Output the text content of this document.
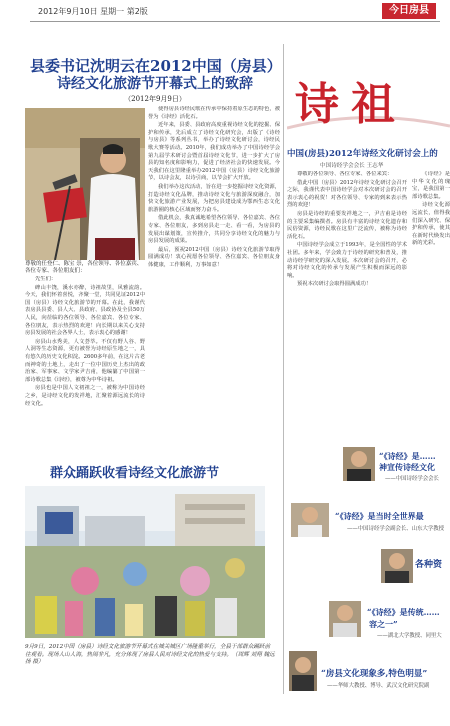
2012年9月10日 星期一 第2版	今日房县
县委书记沈明云在2012中国（房县）
诗经文化旅游节开幕式上的致辞
（2012年9月9日）
尊敬的任登仁、陈宝 崇，各位领导、各位嘉宾、各位专家、各位朋友们：

先生们：

碑山丰饶，溪水亦醉，诗祖故里，风雅流韵。今天，我们怀着喜悦，齐聚一堂，共同见证2012中国（房县）诗经文化旅游节的开幕。在此，我谨代表房县县委、县人大、县政府、县政协及全县50万人民，向莅临的各位领导、各位嘉宾、各位专家、各位朋友，表示热烈的欢迎！向长期以来关心支持房县发展的社会各界人士，表示衷心的感谢！

房县山水秀美，人文荟萃。不仅有野人谷、野人洞等生态资源，更有被誉为诗经原生地之一，具有悠久的历史文化积淀。2600多年前，在这片古老而神奇的土地上，走出了一位中国历史上杰出的政治家、军事家、文学家尹吉甫，他编纂了中国第一部诗歌总集《诗经》，被尊为中华诗祖。

房县也是中国人文初祖之一，被称为中国诗经之乡，是诗经文化的发祥地，汇聚着源远流长的诗经文化。

使得房县诗经民歌在传承中保持着原生态的特色，被誉为《诗经》活化石。

近年来，县委、县政府高度重视诗经文化的挖掘、保护和传承，先后成立了诗经文化研究会，出版了《诗经与房县》等系列丛书，举办了诗经文化研讨会，诗经民歌大赛等活动。2010年，我们成功举办了中国诗经学会第九届学术研讨会暨首届诗经文化节，进一步扩大了房县的知名度和影响力，促进了经济社会的快速发展。今天我们在这里隆重举办2012中国（房县）诗经文化旅游节，以诗会友，以诗引商，以节会扩大开放。

我们举办这次活动，旨在进一步挖掘诗经文化资源，打造诗经文化品牌，推动诗经文化与旅游深度融合，加快文化旅游产业发展，为把房县建设成为鄂西生态文化旅游圈的核心区域而努力奋斗。

借此机会，我真诚地希望各位领导、各位嘉宾、各位专家、各位朋友，多到房县走一走、看一看，为房县的发展出谋划策，宣传推介，共同分享诗经文化的魅力与房县发展的成果。

最后，预祝2012中国（房县）诗经文化旅游节取得圆满成功！衷心祝愿各位领导、各位嘉宾、各位朋友身体健康，工作顺利，万事如意！

群众踊跃收看诗经文化旅游节
9月9日，2012中国（房县）诗经文化旅游节开幕式在城关城区广场隆重举行，全县干部群众踊跃前往观看。现场人山人海，热闹非凡，充分体现了房县人民对诗经文化的热爱与支持。（周辉 刘翔 魏远扬 摄）
诗祖
中国(房县)2012年诗经文化研讨会上的
中国诗经学会会长 王志华

尊敬的各位领导、各位专家、各位来宾：

借此中国（房县）2012年诗经文化研讨会召开之际，我谨代表中国诗经学会对本次研讨会的召开表示衷心的祝贺！对各位领导、专家的到来表示热烈的欢迎！

房县是诗经的重要发祥地之一，尹吉甫是诗经的主要采集编撰者。房县有丰富的诗经文化遗存和民俗资源，诗经民歌在这里广泛流传，被称为诗经活化石。

中国诗经学会成立于1993年，是全国性的学术社团。多年来，学会致力于诗经的研究和普及，推动诗经学研究的深入发展。本次研讨会的召开，必将对诗经文化的传承与发展产生积极而深远的影响。

预祝本次研讨会取得圆满成功！

《诗经》是中华文化的瑰宝，是我国第一部诗歌总集。

诗经文化源远流长，值得我们深入研究、保护和传承，使其在新时代焕发出新的光彩。

“《诗经》是……
神宣传诗经文化
——中国诗经学会会长
“《诗经》是当时全世界最
——中国诗经学会副会长、山东大学教授
各种资
“《诗经》是传统……
容之一”
——湖北大学教授、同里大
“房县文化现象多,特色明显”
——华师大教授、博导、武汉文化研究院副
